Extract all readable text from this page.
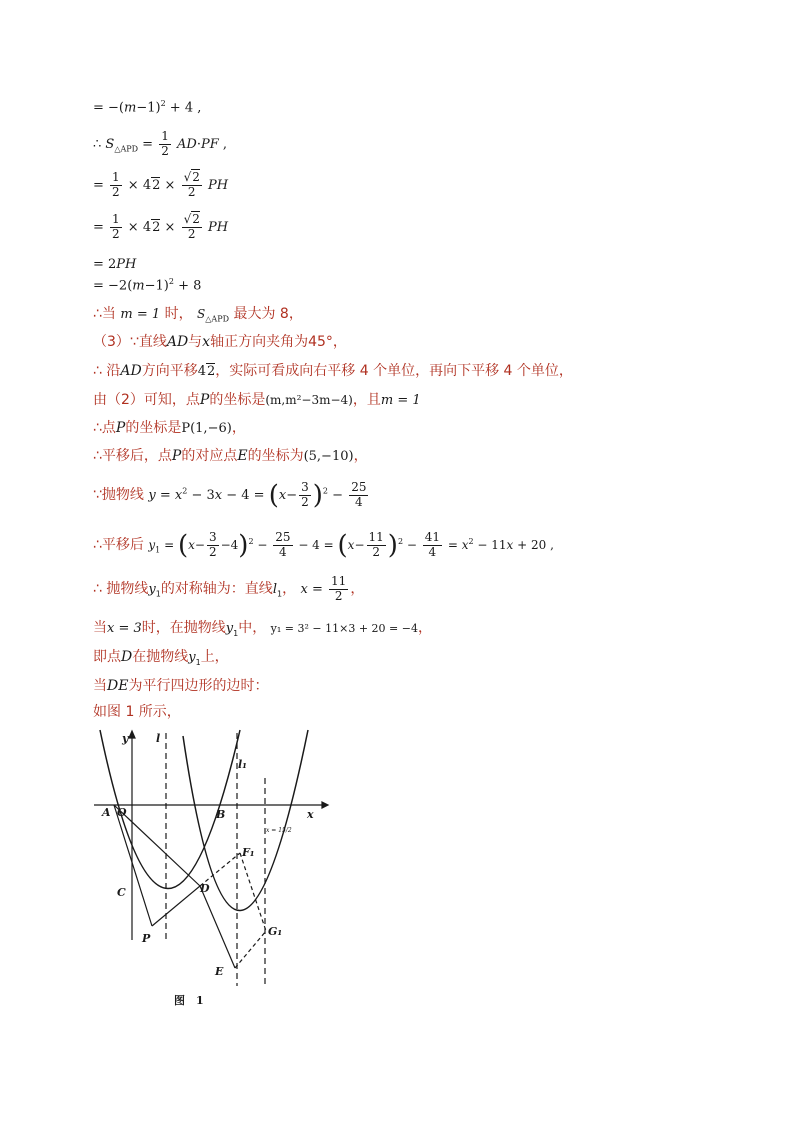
= $-(m-1)^2 + 4$ ,
∴ $S_{\triangle APD} = \frac{1}{2} AD\cdot PF$ ,
= $\frac{1}{2} \times 42 \times \frac{√2}{2}$ PH
= $\frac{1}{2} \times 42 \times \frac{√2}{2}$ PH
= 2PH
= $-2(m-1)^2 + 8$
∴当 m = 1 时， $S_{\triangle APD}$ 最大为 8，
（3）∵直线AD与x轴正方向夹角为45°，
∴ 沿AD方向平移42，实际可看成向右平移 4 个单位，再向下平移 4 个单位，
由（2）可知，点P的坐标是(m,m²−3m−4)，且m = 1
∴点P的坐标是P(1,−6)，
∴平移后，点P的对应点E的坐标为(5,−10)，
∵抛物线 $y = x^2 - 3x - 4 = (x- \frac{3}{2} )^2 - \frac{25}{4}$
∴平移后 $y_1 = (x- \frac{3}{2} -4)^2 - \frac{25}{4} - 4 = (x- \frac{11}{2} )^2 - \frac{41}{4} = x^2 - 11x + 20$ ,
∴ 抛物线$y_1$的对称轴为：直线$l_1$， $x = \frac{11}{2}$ ，
当x = 3时，在抛物线$y_1$中， y₁ = 3² − 11×3 + 20 = −4，
即点D在抛物线$y_1$上，
当DE为平行四边形的边时：
如图 1 所示，
y	l
l₁
x
O
A	B
C	D
P
E
F₁
G₁
x = 15/2
图　1
